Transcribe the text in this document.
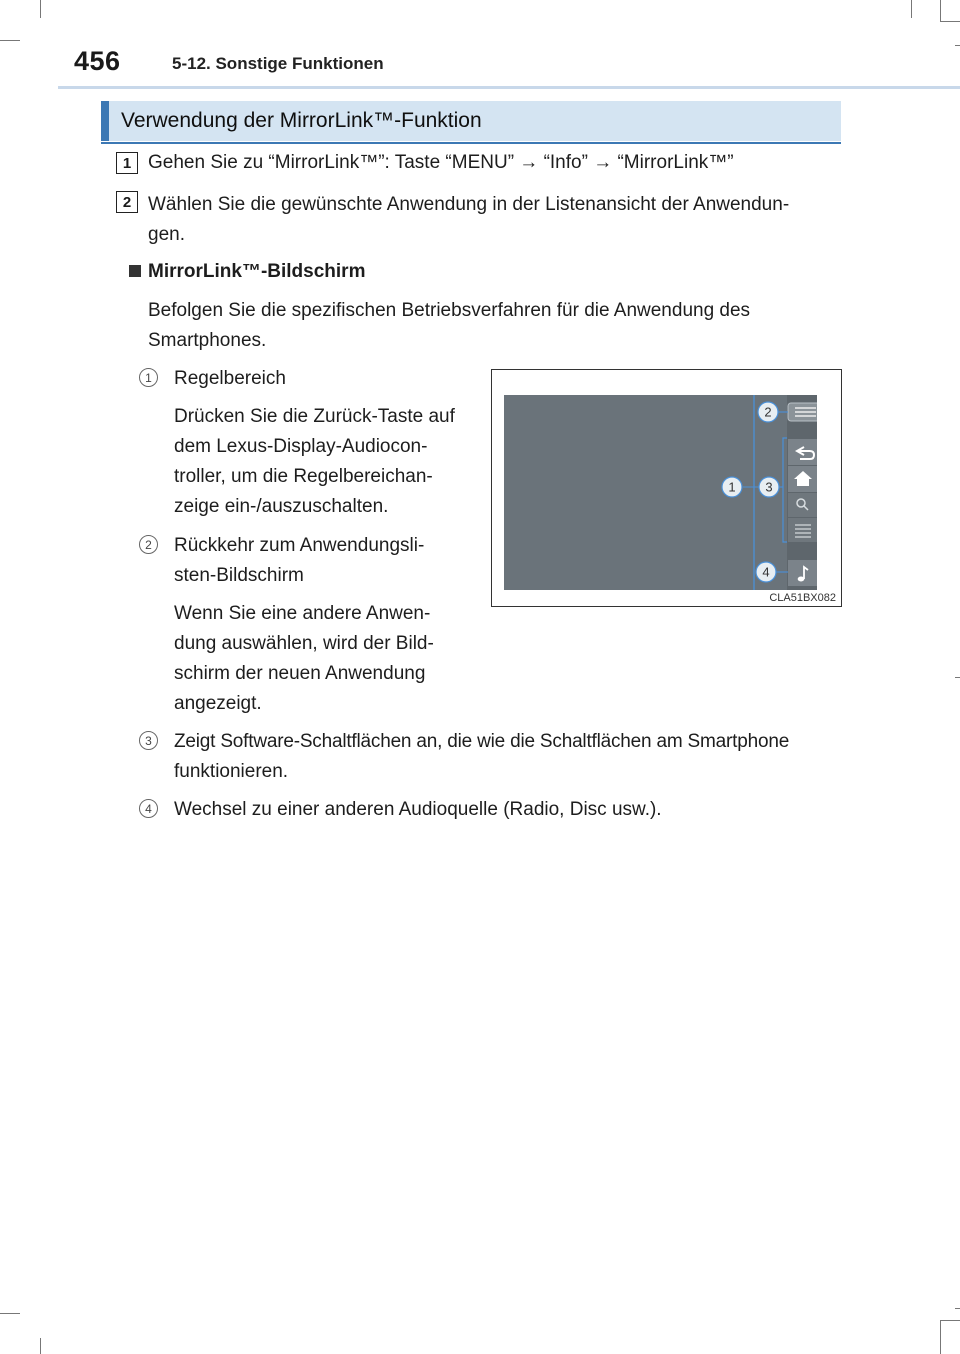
456	5-12. Sonstige Funktionen
Verwendung der MirrorLink™-Funktion
1 Gehen Sie zu “MirrorLink™”: Taste “MENU” → “Info” → “MirrorLink™”
2 Wählen Sie die gewünschte Anwendung in der Listenansicht der Anwendun-
gen.
MirrorLink™-Bildschirm
Befolgen Sie die spezifischen Betriebsverfahren für die Anwendung des
Smartphones.
1	Regelbereich
Drücken Sie die Zurück-Taste auf
dem Lexus-Display-Audiocon-
troller, um die Regelbereichan-
zeige ein-/auszuschalten.
2	Rückkehr zum Anwendungsli-
sten-Bildschirm
Wenn Sie eine andere Anwen-
dung auswählen, wird der Bild-
schirm der neuen Anwendung
angezeigt.
3	Zeigt Software-Schaltflächen an, die wie die Schaltflächen am Smartphone
funktionieren.
4	Wechsel zu einer anderen Audioquelle (Radio, Disc usw.).
2
1 3
4
CLA51BX082
